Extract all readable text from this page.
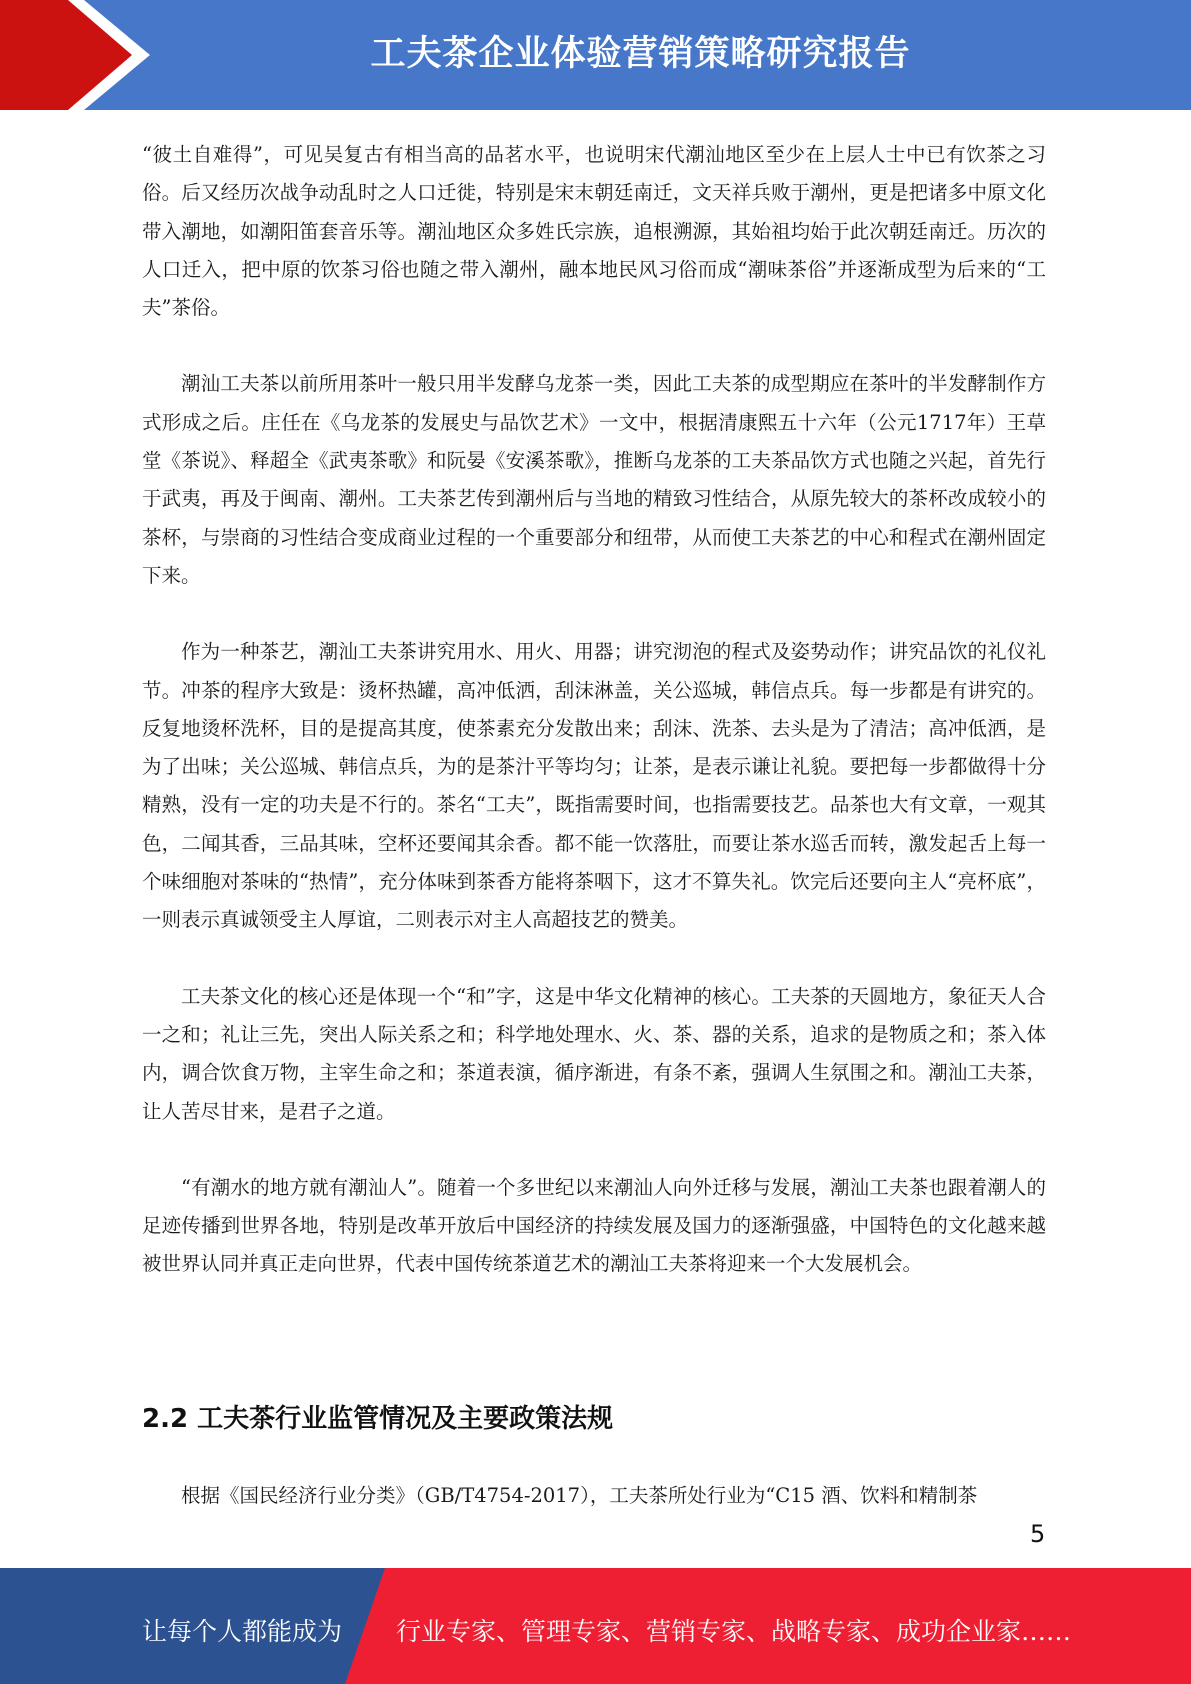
工夫茶企业体验营销策略研究报告

“彼土自难得”，可见吴复古有相当高的品茗水平，也说明宋代潮汕地区至少在上层人士中已有饮茶之习俗。后又经历次战争动乱时之人口迁徙，特别是宋末朝廷南迁，文天祥兵败于潮州，更是把诸多中原文化带入潮地，如潮阳笛套音乐等。潮汕地区众多姓氏宗族，追根溯源，其始祖均始于此次朝廷南迁。历次的人口迁入，把中原的饮茶习俗也随之带入潮州，融本地民风习俗而成“潮味茶俗”并逐渐成型为后来的“工夫”茶俗。

潮汕工夫茶以前所用茶叶一般只用半发酵乌龙茶一类，因此工夫茶的成型期应在茶叶的半发酵制作方式形成之后。庄任在《乌龙茶的发展史与品饮艺术》一文中，根据清康熙五十六年（公元1717年）王草堂《茶说》、释超全《武夷茶歌》和阮晏《安溪茶歌》，推断乌龙茶的工夫茶品饮方式也随之兴起，首先行于武夷，再及于闽南、潮州。工夫茶艺传到潮州后与当地的精致习性结合，从原先较大的茶杯改成较小的茶杯，与崇商的习性结合变成商业过程的一个重要部分和纽带，从而使工夫茶艺的中心和程式在潮州固定下来。

作为一种茶艺，潮汕工夫茶讲究用水、用火、用器；讲究沏泡的程式及姿势动作；讲究品饮的礼仪礼节。冲茶的程序大致是：烫杯热罐，高冲低洒，刮沫淋盖，关公巡城，韩信点兵。每一步都是有讲究的。反复地烫杯洗杯，目的是提高其度，使茶素充分发散出来；刮沫、洗茶、去头是为了清洁；高冲低洒，是为了出味；关公巡城、韩信点兵，为的是茶汁平等均匀；让茶，是表示谦让礼貌。要把每一步都做得十分精熟，没有一定的功夫是不行的。茶名“工夫”，既指需要时间，也指需要技艺。品茶也大有文章，一观其色，二闻其香，三品其味，空杯还要闻其余香。都不能一饮落肚，而要让茶水巡舌而转，激发起舌上每一个味细胞对茶味的“热情”，充分体味到茶香方能将茶咽下，这才不算失礼。饮完后还要向主人“亮杯底”，一则表示真诚领受主人厚谊，二则表示对主人高超技艺的赞美。

工夫茶文化的核心还是体现一个“和”字，这是中华文化精神的核心。工夫茶的天圆地方，象征天人合一之和；礼让三先，突出人际关系之和；科学地处理水、火、茶、器的关系，追求的是物质之和；茶入体内，调合饮食万物，主宰生命之和；茶道表演，循序渐进，有条不紊，强调人生氛围之和。潮汕工夫茶，让人苦尽甘来，是君子之道。

“有潮水的地方就有潮汕人”。随着一个多世纪以来潮汕人向外迁移与发展，潮汕工夫茶也跟着潮人的足迹传播到世界各地，特别是改革开放后中国经济的持续发展及国力的逐渐强盛，中国特色的文化越来越被世界认同并真正走向世界，代表中国传统茶道艺术的潮汕工夫茶将迎来一个大发展机会。

2.2 工夫茶行业监管情况及主要政策法规

根据《国民经济行业分类》（GB/T4754-2017），工夫茶所处行业为“C15 酒、饮料和精制茶

5
让每个人都能成为 行业专家、管理专家、营销专家、战略专家、成功企业家……
